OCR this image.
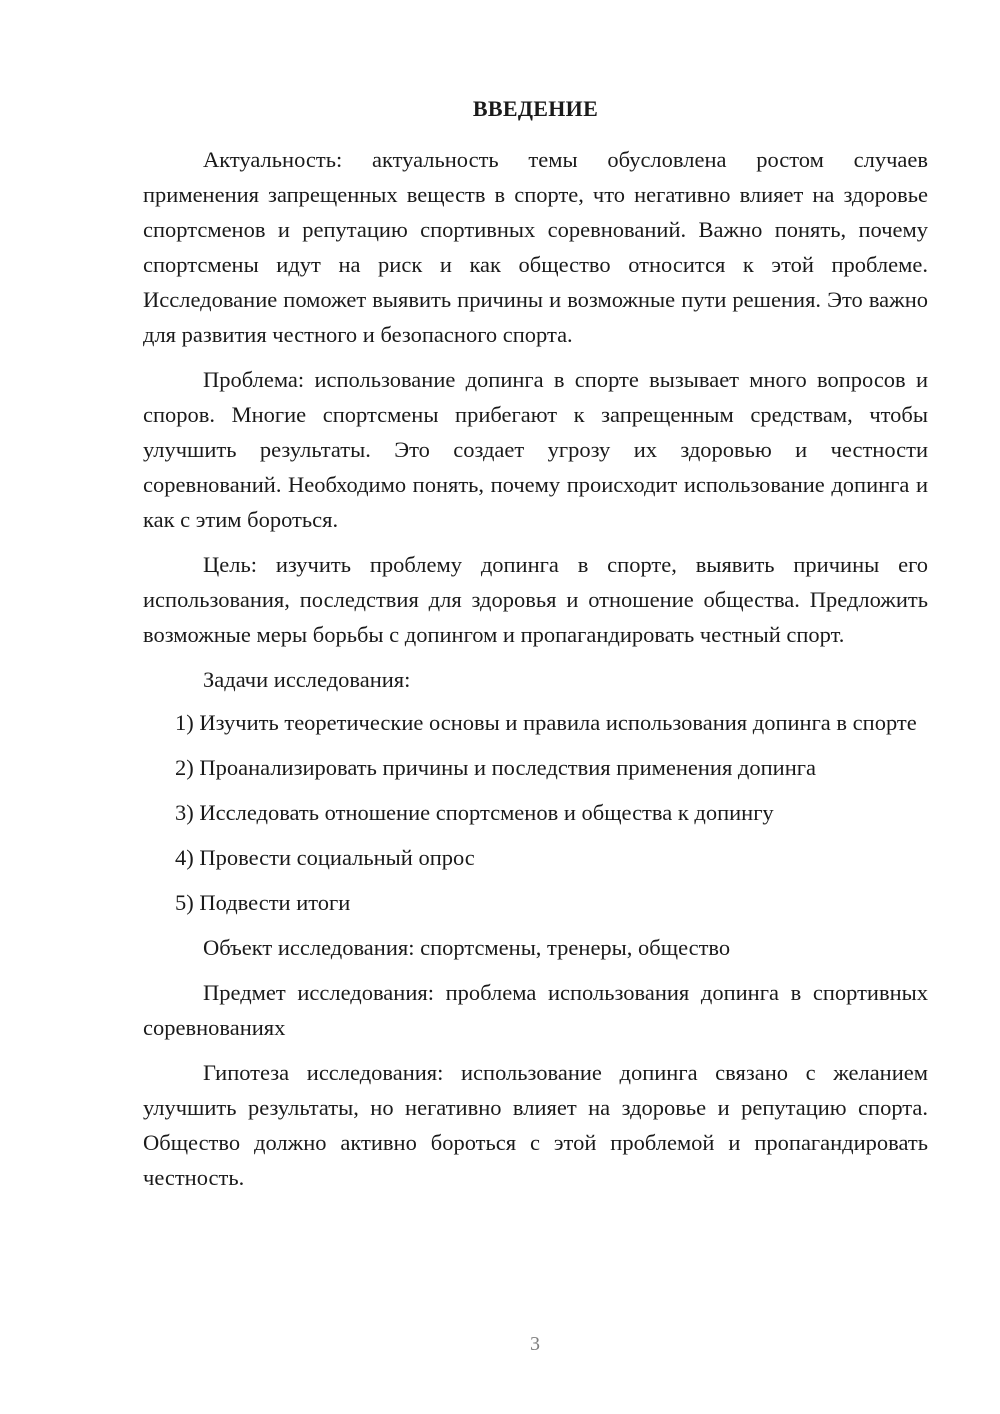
ВВЕДЕНИЕ

Актуальность: актуальность темы обусловлена ростом случаев применения запрещенных веществ в спорте, что негативно влияет на здоровье спортсменов и репутацию спортивных соревнований. Важно понять, почему спортсмены идут на риск и как общество относится к этой проблеме. Исследование поможет выявить причины и возможные пути решения. Это важно для развития честного и безопасного спорта.

Проблема: использование допинга в спорте вызывает много вопросов и споров. Многие спортсмены прибегают к запрещенным средствам, чтобы улучшить результаты. Это создает угрозу их здоровью и честности соревнований. Необходимо понять, почему происходит использование допинга и как с этим бороться.

Цель: изучить проблему допинга в спорте, выявить причины его использования, последствия для здоровья и отношение общества. Предложить возможные меры борьбы с допингом и пропагандировать честный спорт.

Задачи исследования:

1) Изучить теоретические основы и правила использования допинга в спорте
2) Проанализировать причины и последствия применения допинга
3) Исследовать отношение спортсменов и общества к допингу
4) Провести социальный опрос
5) Подвести итоги

Объект исследования: спортсмены, тренеры, общество

Предмет исследования: проблема использования допинга в спортивных соревнованиях

Гипотеза исследования: использование допинга связано с желанием улучшить результаты, но негативно влияет на здоровье и репутацию спорта. Общество должно активно бороться с этой проблемой и пропагандировать честность.

3
